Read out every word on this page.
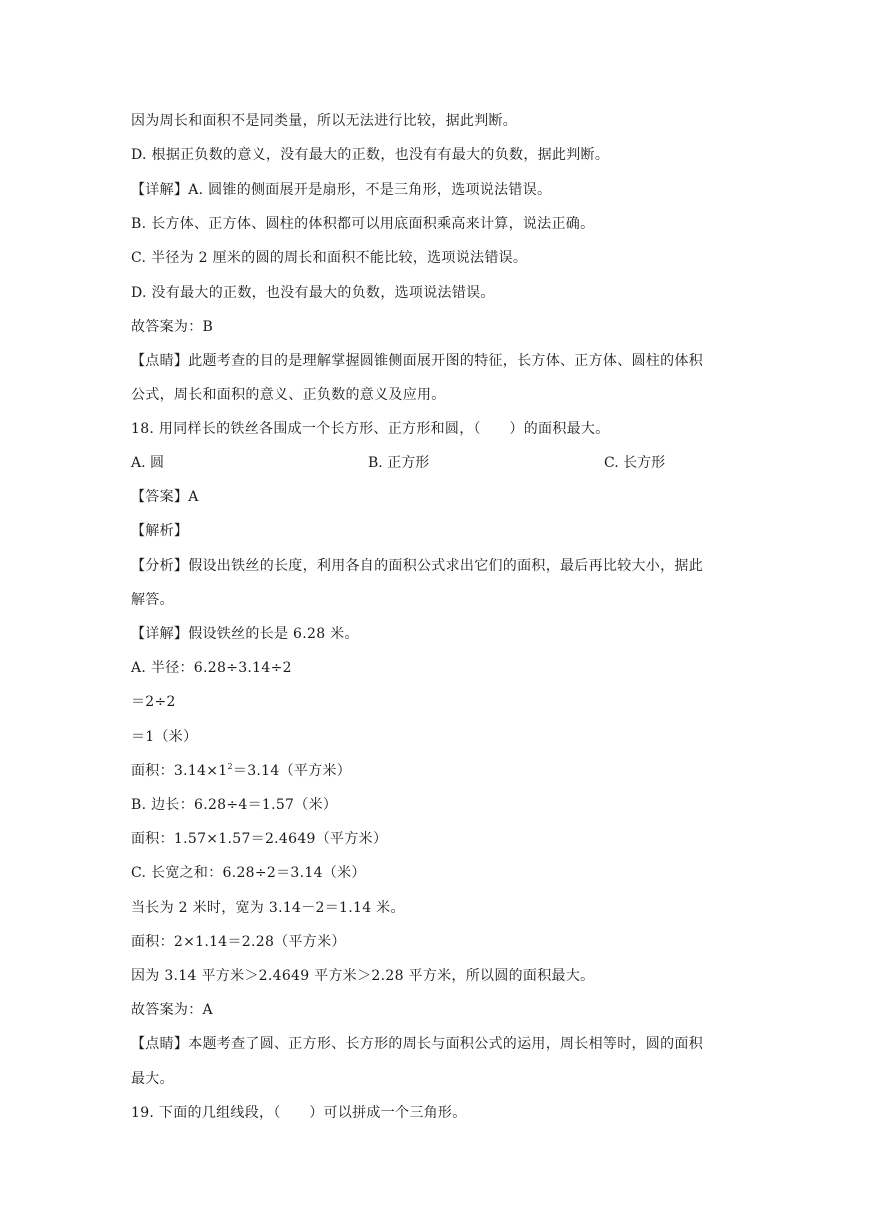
因为周长和面积不是同类量，所以无法进行比较，据此判断。
D. 根据正负数的意义，没有最大的正数，也没有有最大的负数，据此判断。
【详解】A. 圆锥的侧面展开是扇形，不是三角形，选项说法错误。
B. 长方体、正方体、圆柱的体积都可以用底面积乘高来计算，说法正确。
C. 半径为 2 厘米的圆的周长和面积不能比较，选项说法错误。
D. 没有最大的正数，也没有最大的负数，选项说法错误。
故答案为：B
【点睛】此题考查的目的是理解掌握圆锥侧面展开图的特征，长方体、正方体、圆柱的体积
公式，周长和面积的意义、正负数的意义及应用。
18. 用同样长的铁丝各围成一个长方形、正方形和圆，（　　）的面积最大。
A. 圆	B. 正方形	C. 长方形
【答案】A
【解析】
【分析】假设出铁丝的长度，利用各自的面积公式求出它们的面积，最后再比较大小，据此
解答。
【详解】假设铁丝的长是 6.28 米。
A. 半径：6.28÷3.14÷2
＝2÷2
＝1（米）
面积：$3.14\times 1^2=3.14$（平方米）
B. 边长：6.28÷4＝1.57（米）
面积：1.57×1.57＝2.4649（平方米）
C. 长宽之和：6.28÷2＝3.14（米）
当长为 2 米时，宽为 3.14－2＝1.14 米。
面积：2×1.14＝2.28（平方米）
因为 3.14 平方米＞2.4649 平方米＞2.28 平方米，所以圆的面积最大。
故答案为：A
【点睛】本题考查了圆、正方形、长方形的周长与面积公式的运用，周长相等时，圆的面积
最大。
19. 下面的几组线段，（　　）可以拼成一个三角形。
